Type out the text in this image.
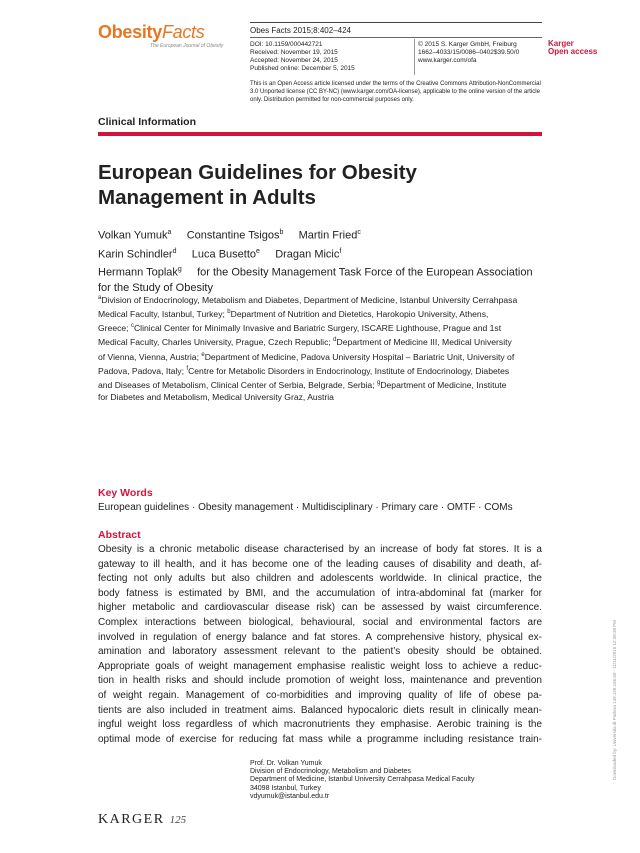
ObesityFacts
The European Journal of Obesity
Obes Facts 2015;8:402–424
DOI: 10.1159/000442721
Received: November 19, 2015
Accepted: November 24, 2015
Published online: December 5, 2015
© 2015 S. Karger GmbH, Freiburg
1662–4033/15/0086–0402$39.50/0
www.karger.com/ofa
Karger
Open access
This is an Open Access article licensed under the terms of the Creative Commons Attribution-NonCommercial 3.0 Unported license (CC BY-NC) (www.karger.com/OA-license), applicable to the online version of the article only. Distribution permitted for non-commercial purposes only.
Clinical Information
European Guidelines for Obesity Management in Adults
Volkan Yumuk$^a$ Constantine Tsigos$^b$ Martin Fried$^c$
Karin Schindler$^d$ Luca Busetto$^e$ Dragan Micic$^f$
Hermann Toplak$^g$ for the Obesity Management Task Force of the European Association for the Study of Obesity
$^a$Division of Endocrinology, Metabolism and Diabetes, Department of Medicine, Istanbul University Cerrahpasa Medical Faculty, Istanbul, Turkey; $^b$Department of Nutrition and Dietetics, Harokopio University, Athens, Greece; $^c$Clinical Center for Minimally Invasive and Bariatric Surgery, ISCARE Lighthouse, Prague and 1st Medical Faculty, Charles University, Prague, Czech Republic; $^d$Department of Medicine III, Medical University of Vienna, Vienna, Austria; $^e$Department of Medicine, Padova University Hospital – Bariatric Unit, University of Padova, Padova, Italy; $^f$Centre for Metabolic Disorders in Endocrinology, Institute of Endocrinology, Diabetes and Diseases of Metabolism, Clinical Center of Serbia, Belgrade, Serbia; $^g$Department of Medicine, Institute for Diabetes and Metabolism, Medical University Graz, Austria
Key Words
European guidelines · Obesity management · Multidisciplinary · Primary care · OMTF · COMs
Abstract
Obesity is a chronic metabolic disease characterised by an increase of body fat stores. It is a
gateway to ill health, and it has become one of the leading causes of disability and death, af-
fecting not only adults but also children and adolescents worldwide. In clinical practice, the
body fatness is estimated by BMI, and the accumulation of intra-abdominal fat (marker for
higher metabolic and cardiovascular disease risk) can be assessed by waist circumference.
Complex interactions between biological, behavioural, social and environmental factors are
involved in regulation of energy balance and fat stores. A comprehensive history, physical ex-
amination and laboratory assessment relevant to the patient’s obesity should be obtained.
Appropriate goals of weight management emphasise realistic weight loss to achieve a reduc-
tion in health risks and should include promotion of weight loss, maintenance and prevention
of weight regain. Management of co-morbidities and improving quality of life of obese pa-
tients are also included in treatment aims. Balanced hypocaloric diets result in clinically mean-
ingful weight loss regardless of which macronutrients they emphasise. Aerobic training is the
optimal mode of exercise for reducing fat mass while a programme including resistance train-
Prof. Dr. Volkan Yumuk
Division of Endocrinology, Metabolism and Diabetes
Department of Medicine, Istanbul University Cerrahpasa Medical Faculty
34098 Istanbul, Turkey
vdyumuk@istanbul.edu.tr
KARGER 125
Downloaded by: Universita di Padova 149.126.166.60 - 11/11/2015 12:38:38 PM
